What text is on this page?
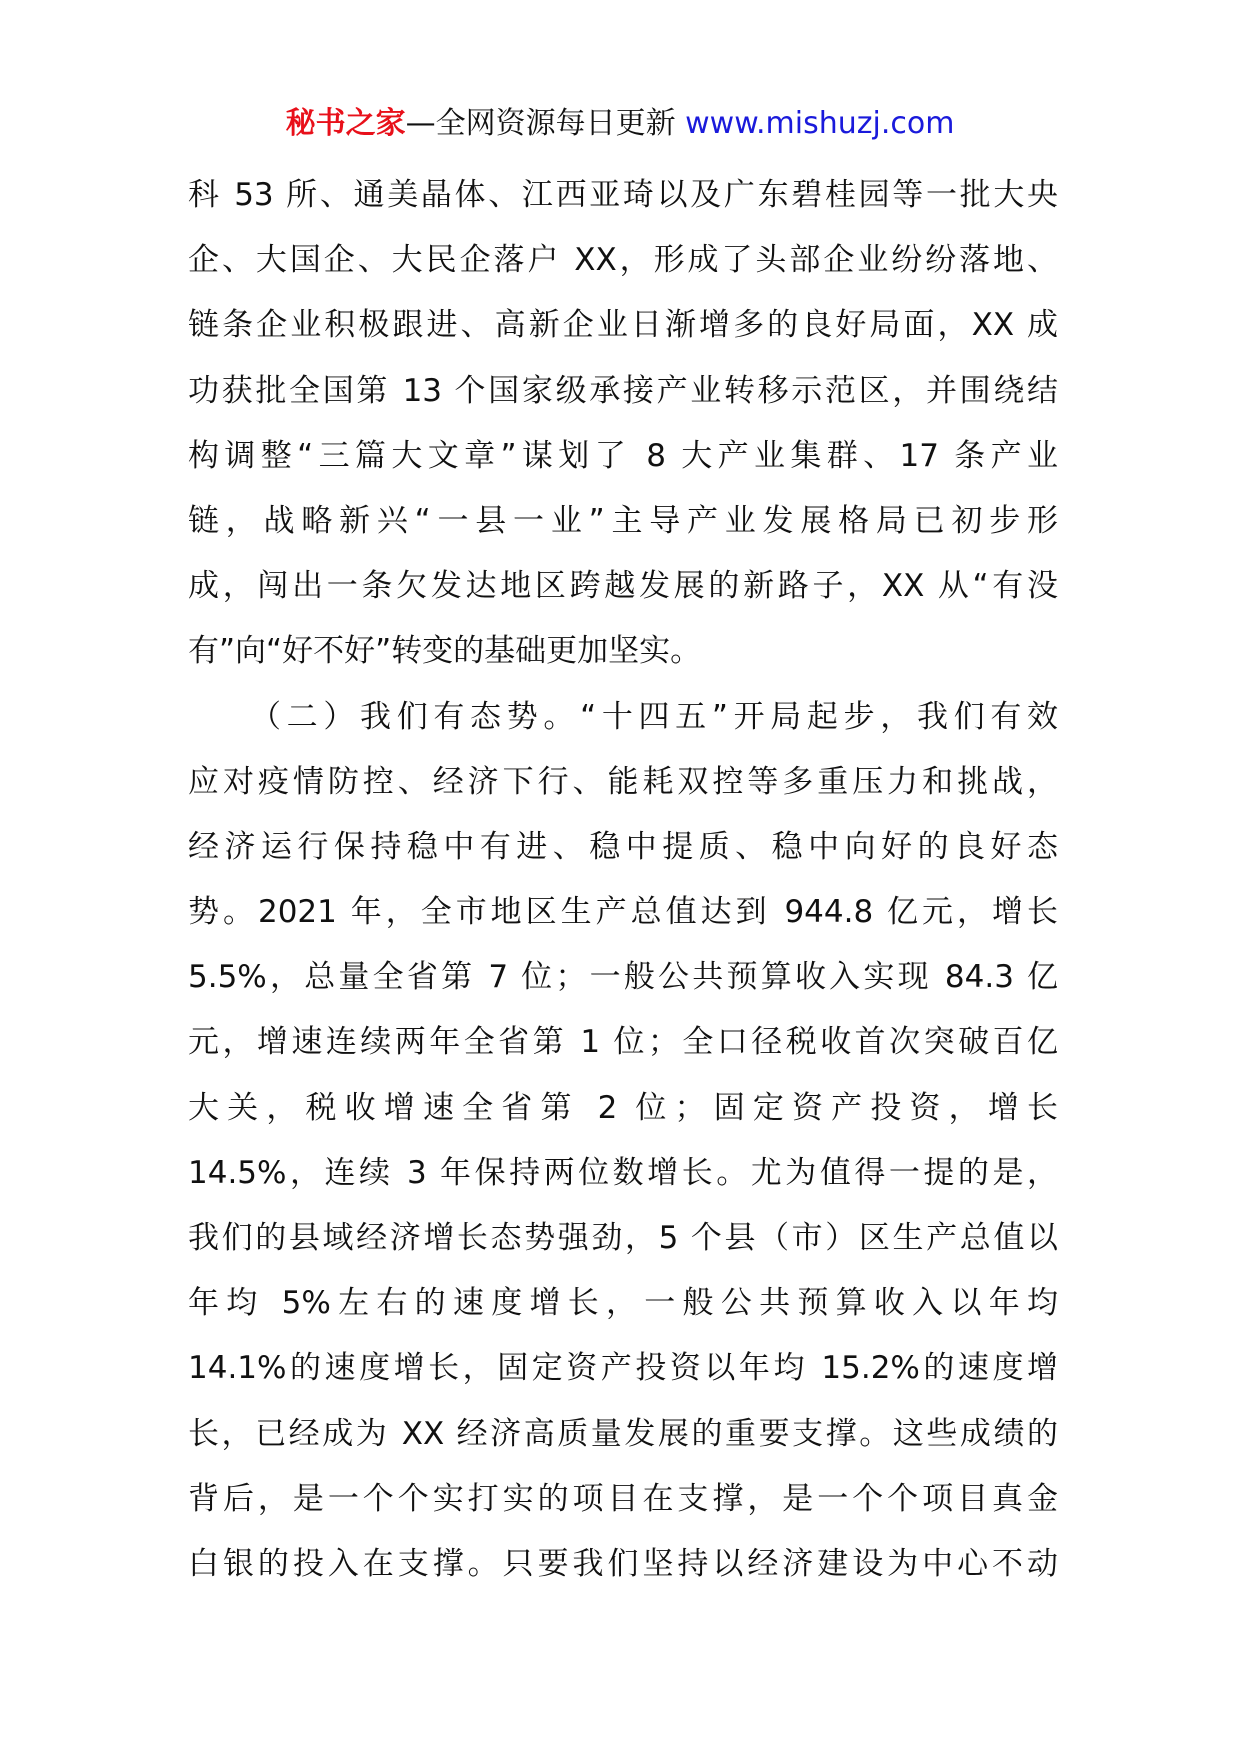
秘书之家—全网资源每日更新 www.mishuzj.com
科 53 所、通美晶体、江西亚琦以及广东碧桂园等一批大央
企、大国企、大民企落户 XX，形成了头部企业纷纷落地、
链条企业积极跟进、高新企业日渐增多的良好局面，XX 成
功获批全国第 13 个国家级承接产业转移示范区，并围绕结
构调整“三篇大文章”谋划了 8 大产业集群、17 条产业
链，战略新兴“一县一业”主导产业发展格局已初步形
成，闯出一条欠发达地区跨越发展的新路子，XX 从“有没
有”向“好不好”转变的基础更加坚实。
（二）我们有态势。“十四五”开局起步，我们有效
应对疫情防控、经济下行、能耗双控等多重压力和挑战，
经济运行保持稳中有进、稳中提质、稳中向好的良好态
势。2021 年，全市地区生产总值达到 944.8 亿元，增长
5.5%，总量全省第 7 位；一般公共预算收入实现 84.3 亿
元，增速连续两年全省第 1 位；全口径税收首次突破百亿
大关，税收增速全省第 2 位；固定资产投资，增长
14.5%，连续 3 年保持两位数增长。尤为值得一提的是，
我们的县域经济增长态势强劲，5 个县（市）区生产总值以
年均 5%左右的速度增长，一般公共预算收入以年均
14.1%的速度增长，固定资产投资以年均 15.2%的速度增
长，已经成为 XX 经济高质量发展的重要支撑。这些成绩的
背后，是一个个实打实的项目在支撑，是一个个项目真金
白银的投入在支撑。只要我们坚持以经济建设为中心不动
